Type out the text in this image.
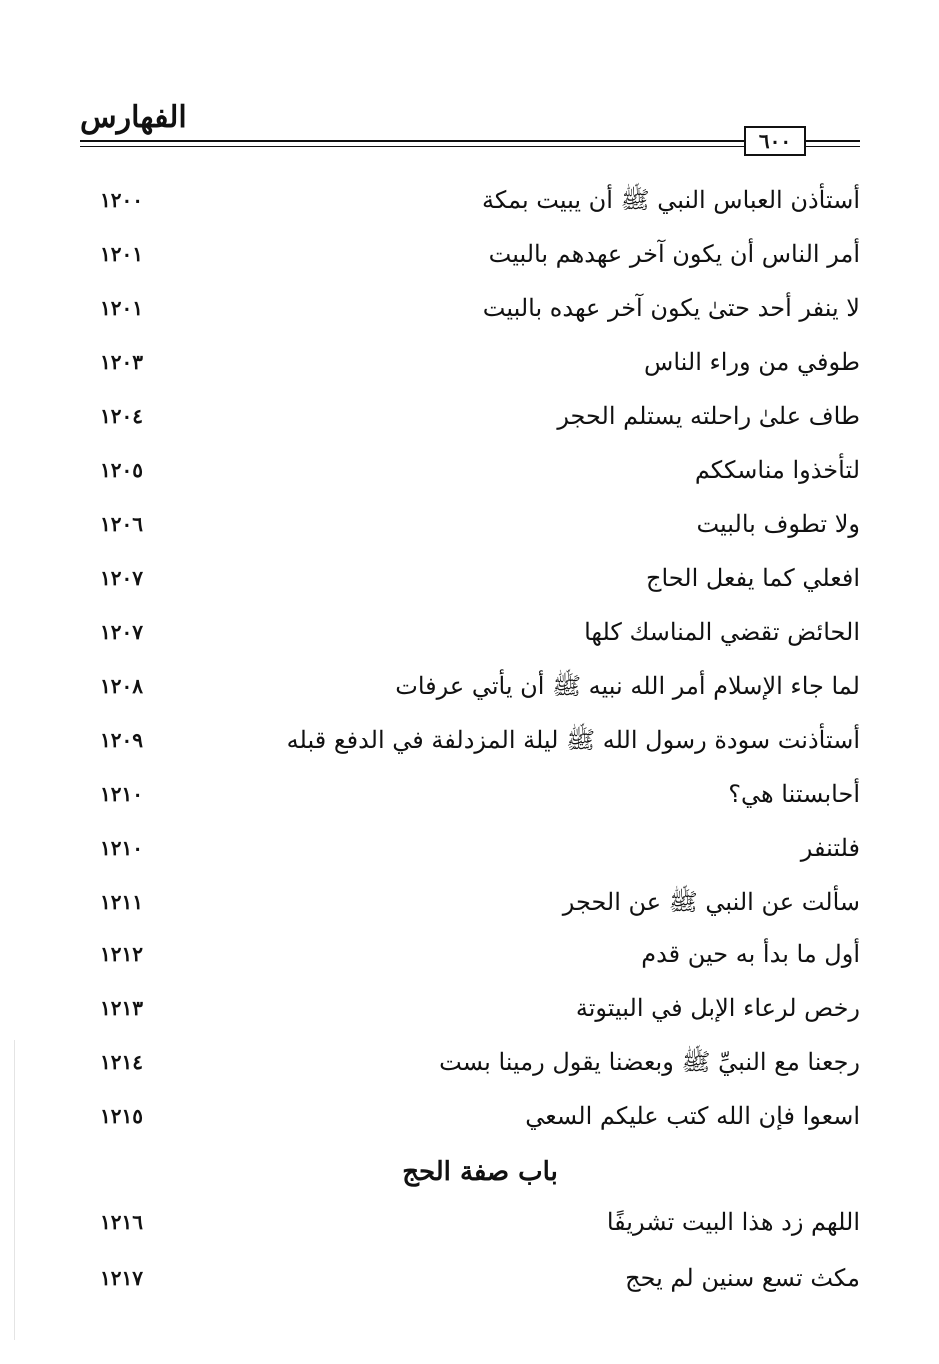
الفهارس
٦٠٠
أستأذن العباس النبي ﷺ أن يبيت بمكة
١٢٠٠
أمر الناس أن يكون آخر عهدهم بالبيت
١٢٠١
لا ينفر أحد حتىٰ يكون آخر عهده بالبيت
١٢٠١
طوفي من وراء الناس
١٢٠٣
طاف علىٰ راحلته يستلم الحجر
١٢٠٤
لتأخذوا مناسككم
١٢٠٥
ولا تطوف بالبيت
١٢٠٦
افعلي كما يفعل الحاج
١٢٠٧
الحائض تقضي المناسك كلها
١٢٠٧
لما جاء الإسلام أمر الله نبيه ﷺ أن يأتي عرفات
١٢٠٨
أستأذنت سودة رسول الله ﷺ ليلة المزدلفة في الدفع قبله
١٢٠٩
أحابستنا هي؟
١٢١٠
فلتنفر
١٢١٠
سألت عن النبي ﷺ عن الحجر
١٢١١
أول ما بدأ به حين قدم
١٢١٢
رخص لرعاء الإبل في البيتوتة
١٢١٣
رجعنا مع النبيِّ ﷺ وبعضنا يقول رمينا بست
١٢١٤
اسعوا فإن الله كتب عليكم السعي
١٢١٥
باب صفة الحج
اللهم زد هذا البيت تشريفًا
١٢١٦
مكث تسع سنين لم يحج
١٢١٧
